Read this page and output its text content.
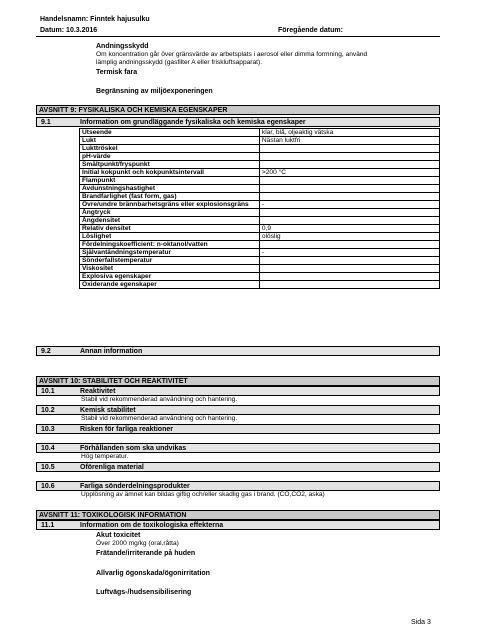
Handelsnamn: Finntek hajusulku
Datum: 10.3.2016	Föregående datum:
Andningsskydd
Om koncentration går över gränsvärde av arbetsplats i aerosol eller dimma formning, använd
lämplig andningsskydd (gasfilter A eller friskluftsapparat).
Termisk fara
Begränsning av miljöexponeringen
AVSNITT 9: FYSIKALISKA OCH KEMISKA EGENSKAPER
9.1	Information om grundläggande fysikaliska och kemiska egenskaper
Utseende	klar, blå, oljeaktig vätska
Lukt	Nästan luktfri
Lukttröskel	
pH-värde	
Smältpunkt/fryspunkt	
Initial kokpunkt och kokpunktsintervall	>200 °C
Flampunkt	
Avdunstningshastighet	
Brandfarlighet (fast form, gas)	
Övre/undre brännbarhetsgräns eller explosionsgräns	-
Ångtryck	
Ångdensitet	
Relativ densitet	0,9
Löslighet	olöslig
Fördelningskoefficient: n-oktanol/vatten	
Självantändningstemperatur	-
Sönderfallstemperatur	
Viskositet	
Explosiva egenskaper	
Oxiderande egenskaper	
9.2	Annan information
AVSNITT 10: STABILITET OCH REAKTIVITET
10.1	Reaktivitet
Stabil vid rekommenderad användning och hantering.
10.2	Kemisk stabilitet
Stabil vid rekommenderad användning och hantering.
10.3	Risken för farliga reaktioner
10.4	Förhållanden som ska undvikas
Hög temperatur.
10.5	Oförenliga material
10.6	Farliga sönderdelningsprodukter
Upplösning av ämnet kan bildas giftig och/eller skadlig gas i brand. (CO,CO2, aska)
AVSNITT 11: TOXIKOLOGISK INFORMATION
11.1	Information om de toxikologiska effekterna
Akut toxicitet
Över 2000 mg/kg (oral,råtta)
Frätande/irriterande på huden
Allvarlig ögonskada/ögonirritation
Luftvägs-/hudsensibilisering
Sida 3
